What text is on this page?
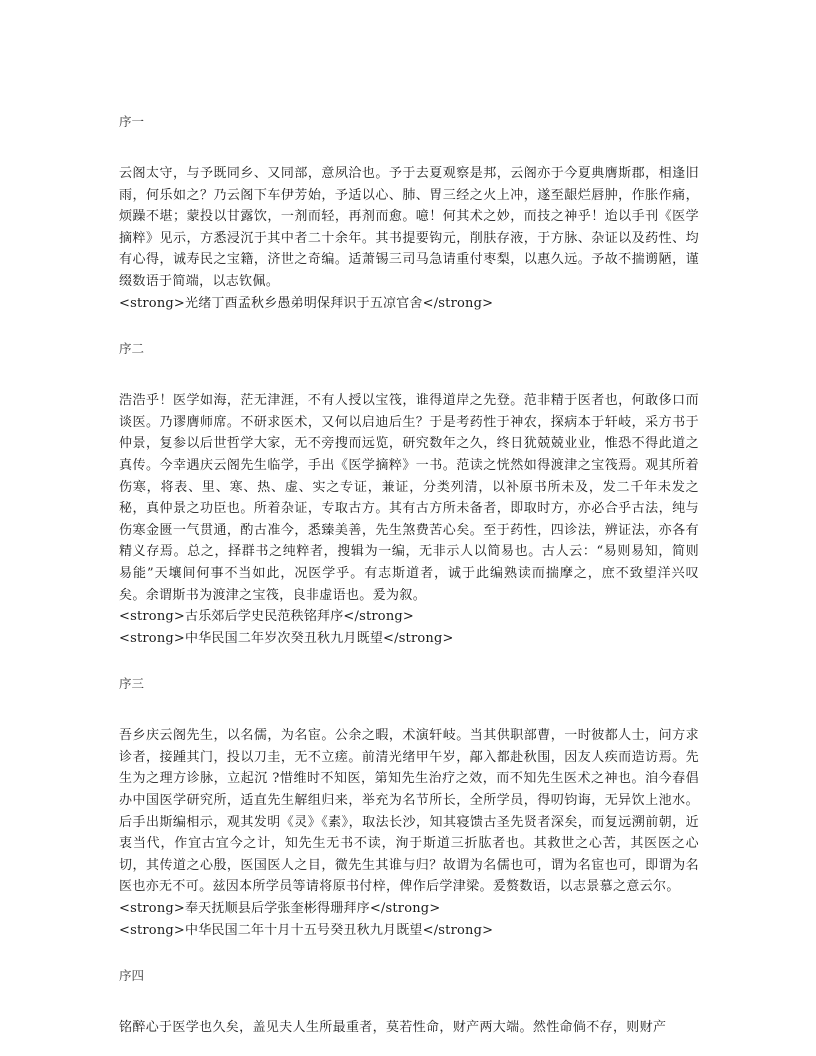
序一

云阁太守，与予既同乡、又同部，意夙洽也。予于去夏观察是邦，云阁亦于今夏典膺斯郡，相逢旧雨，何乐如之？乃云阁下车伊芳始，予适以心、肺、胃三经之火上冲，遂至龈烂唇肿，作胀作痛，烦躁不堪；蒙投以甘露饮，一剂而轻，再剂而愈。噫！何其术之妙，而技之神乎！迨以手刊《医学摘粹》见示，方悉浸沉于其中者二十余年。其书提要钩元，削肤存液，于方脉、杂证以及药性、均有心得，诚寿民之宝籍，济世之奇编。适萧锡三司马急请重付枣梨，以惠久远。予故不揣谫陋，谨缀数语于简端，以志钦佩。

<strong>光绪丁酉孟秋乡愚弟明保拜识于五凉官舍</strong>

序二

浩浩乎！医学如海，茫无津涯，不有人授以宝筏，谁得道岸之先登。范非精于医者也，何敢侈口而谈医。乃谬膺师席。不研求医术，又何以启迪后生？于是考药性于神农，探病本于轩岐，采方书于仲景，复参以后世哲学大家，无不旁搜而远览，研究数年之久，终日犹兢兢业业，惟恐不得此道之真传。今幸遇庆云阁先生临学，手出《医学摘粹》一书。范读之恍然如得渡津之宝筏焉。观其所着伤寒，将表、里、寒、热、虚、实之专证，兼证，分类列清，以补原书所未及，发二千年未发之秘，真仲景之功臣也。所着杂证，专取古方。其有古方所未备者，即取时方，亦必合乎古法，纯与伤寒金匮一气贯通，酌古准今，悉臻美善，先生煞费苦心矣。至于药性，四诊法，辨证法，亦各有精义存焉。总之，择群书之纯粹者，搜辑为一编，无非示人以简易也。古人云：“易则易知，简则易能”天壤间何事不当如此，况医学乎。有志斯道者，诚于此编熟读而揣摩之，庶不致望洋兴叹矣。余谓斯书为渡津之宝筏，良非虚语也。爰为叙。

<strong>古乐郊后学史民范秩铭拜序</strong>

<strong>中华民国二年岁次癸丑秋九月既望</strong>

序三

吾乡庆云阁先生，以名儒，为名宦。公余之暇，术演轩岐。当其供职部曹，一时彼都人士，问方求诊者，接踵其门，投以刀圭，无不立瘥。前清光绪甲午岁，鄗入都赴秋围，因友人疾而造访焉。先生为之理方诊脉，立起沉 ?惜维时不知医，第知先生治疗之效，而不知先生医术之神也。洎今春倡办中国医学研究所，适直先生解组归来，举充为名节所长，全所学员，得叨钧诲，无异饮上池水。后手出斯编相示，观其发明《灵》《素》，取法长沙，知其寝馈古圣先贤者深矣，而复远溯前朝，近衷当代，作宜古宜今之计，知先生无书不读，洵于斯道三折肱者也。其救世之心苦，其医医之心切，其传道之心殷，医国医人之目，微先生其谁与归？故谓为名儒也可，谓为名宦也可，即谓为名医也亦无不可。兹因本所学员等请将原书付梓，俾作后学津梁。爰赘数语，以志景慕之意云尔。

<strong>奉天抚顺县后学张奎彬得珊拜序</strong>

<strong>中华民国二年十月十五号癸丑秋九月既望</strong>

序四

铭醉心于医学也久矣，盖见夫人生所最重者，莫若性命，财产两大端。然性命倘不存，则财产
